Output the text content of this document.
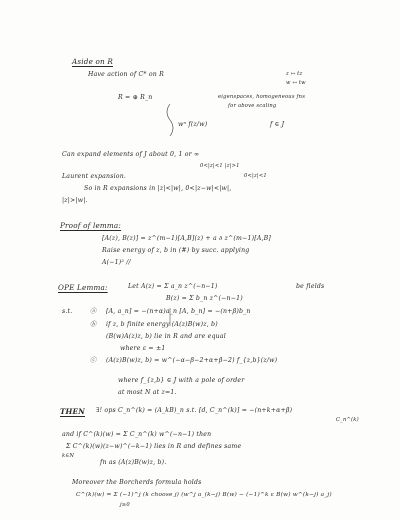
Aside on R
Have action of C* on R	z ↦ tz
w ↦ tw
R = ⊕ R_n	eigenspaces, homogeneous fns
for above scaling
wⁿ f(z/w)	f ∈ J
Can expand elements of J about 0, 1 or ∞
0<|z|<1 |z|>1
Laurent expansion.	0<|z|<1
So in R expansions in |z|<|w|, 0<|z−w|<|w|,
|z|>|w|.
Proof of lemma:
[A(z), B(z)] = z^(m−1)[A,B](z) + a ∂ z^(m−1)[A,B]
Raise energy of z, b in (#) by succ. applying
A(−1)² //
OPE Lemma:	Let A(z) = Σ a_n z^(−n−1)	be fields
B(z) = Σ b_n z^(−n−1)
s.t.	ⓐ [A, a_n] = −(n+α)a_n [A, b_n] = −(n+β)b_n
ⓑ if z, b finite energy (A(z)B(w)z, b)
(B(w)A(z)z, b) lie in R and are equal
where ε = ±1
ⓒ (A(z)B(w)z, b) = w^(−α−β−2+α+β−2) f_{z,b}(z/w)
where f_{z,b} ∈ J with a pole of order
at most N at z=1.
THEN ∃! ops C_n^(k) = (A_kB)_n s.t. [d, C_n^(k)] = −(n+k+α+β)
C_n^(k)
and if C^(k)(w) = Σ C_n^(k) w^(−n−1) then
Σ C^(k)(w)(z−w)^(−k−1) lies in R and defines same
k∈N
fn as (A(z)B(w)z, b).
Moreover the Borcherds formula holds
C^(k)(w) = Σ (−1)^j (k choose j) (w^j a_(k−j) B(w) − (−1)^k ε B(w) w^(k−j) a_j)
j≥0
